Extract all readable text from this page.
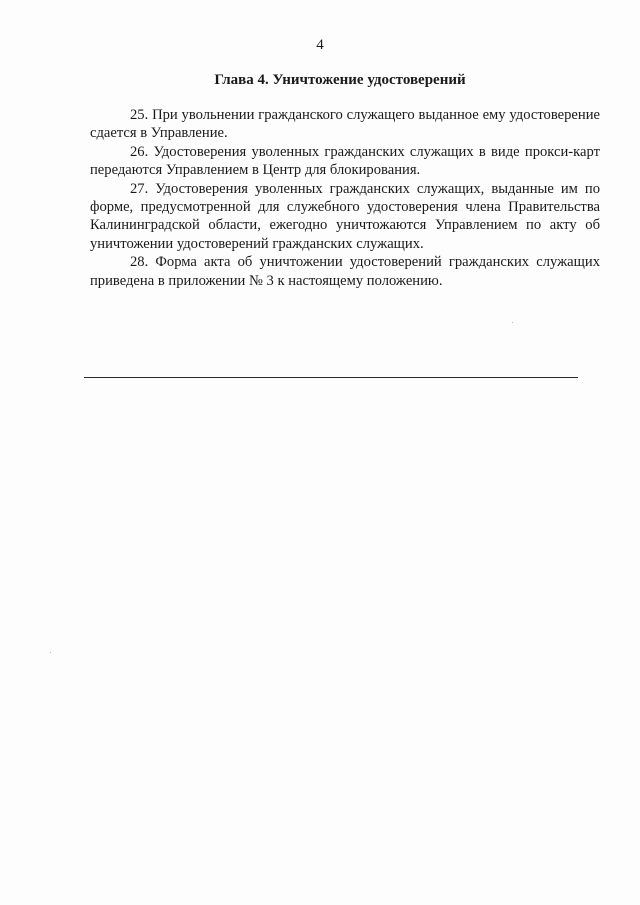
4
Глава 4. Уничтожение удостоверений

25. При увольнении гражданского служащего выданное ему удостоверение сдается в Управление.

26. Удостоверения уволенных гражданских служащих в виде прокси-карт передаются Управлением в Центр для блокирования.

27. Удостоверения уволенных гражданских служащих, выданные им по форме, предусмотренной для служебного удостоверения члена Правительства Калининградской области, ежегодно уничтожаются Управлением по акту об уничтожении удостоверений гражданских служащих.

28. Форма акта об уничтожении удостоверений гражданских служащих приведена в приложении № 3 к настоящему положению.
